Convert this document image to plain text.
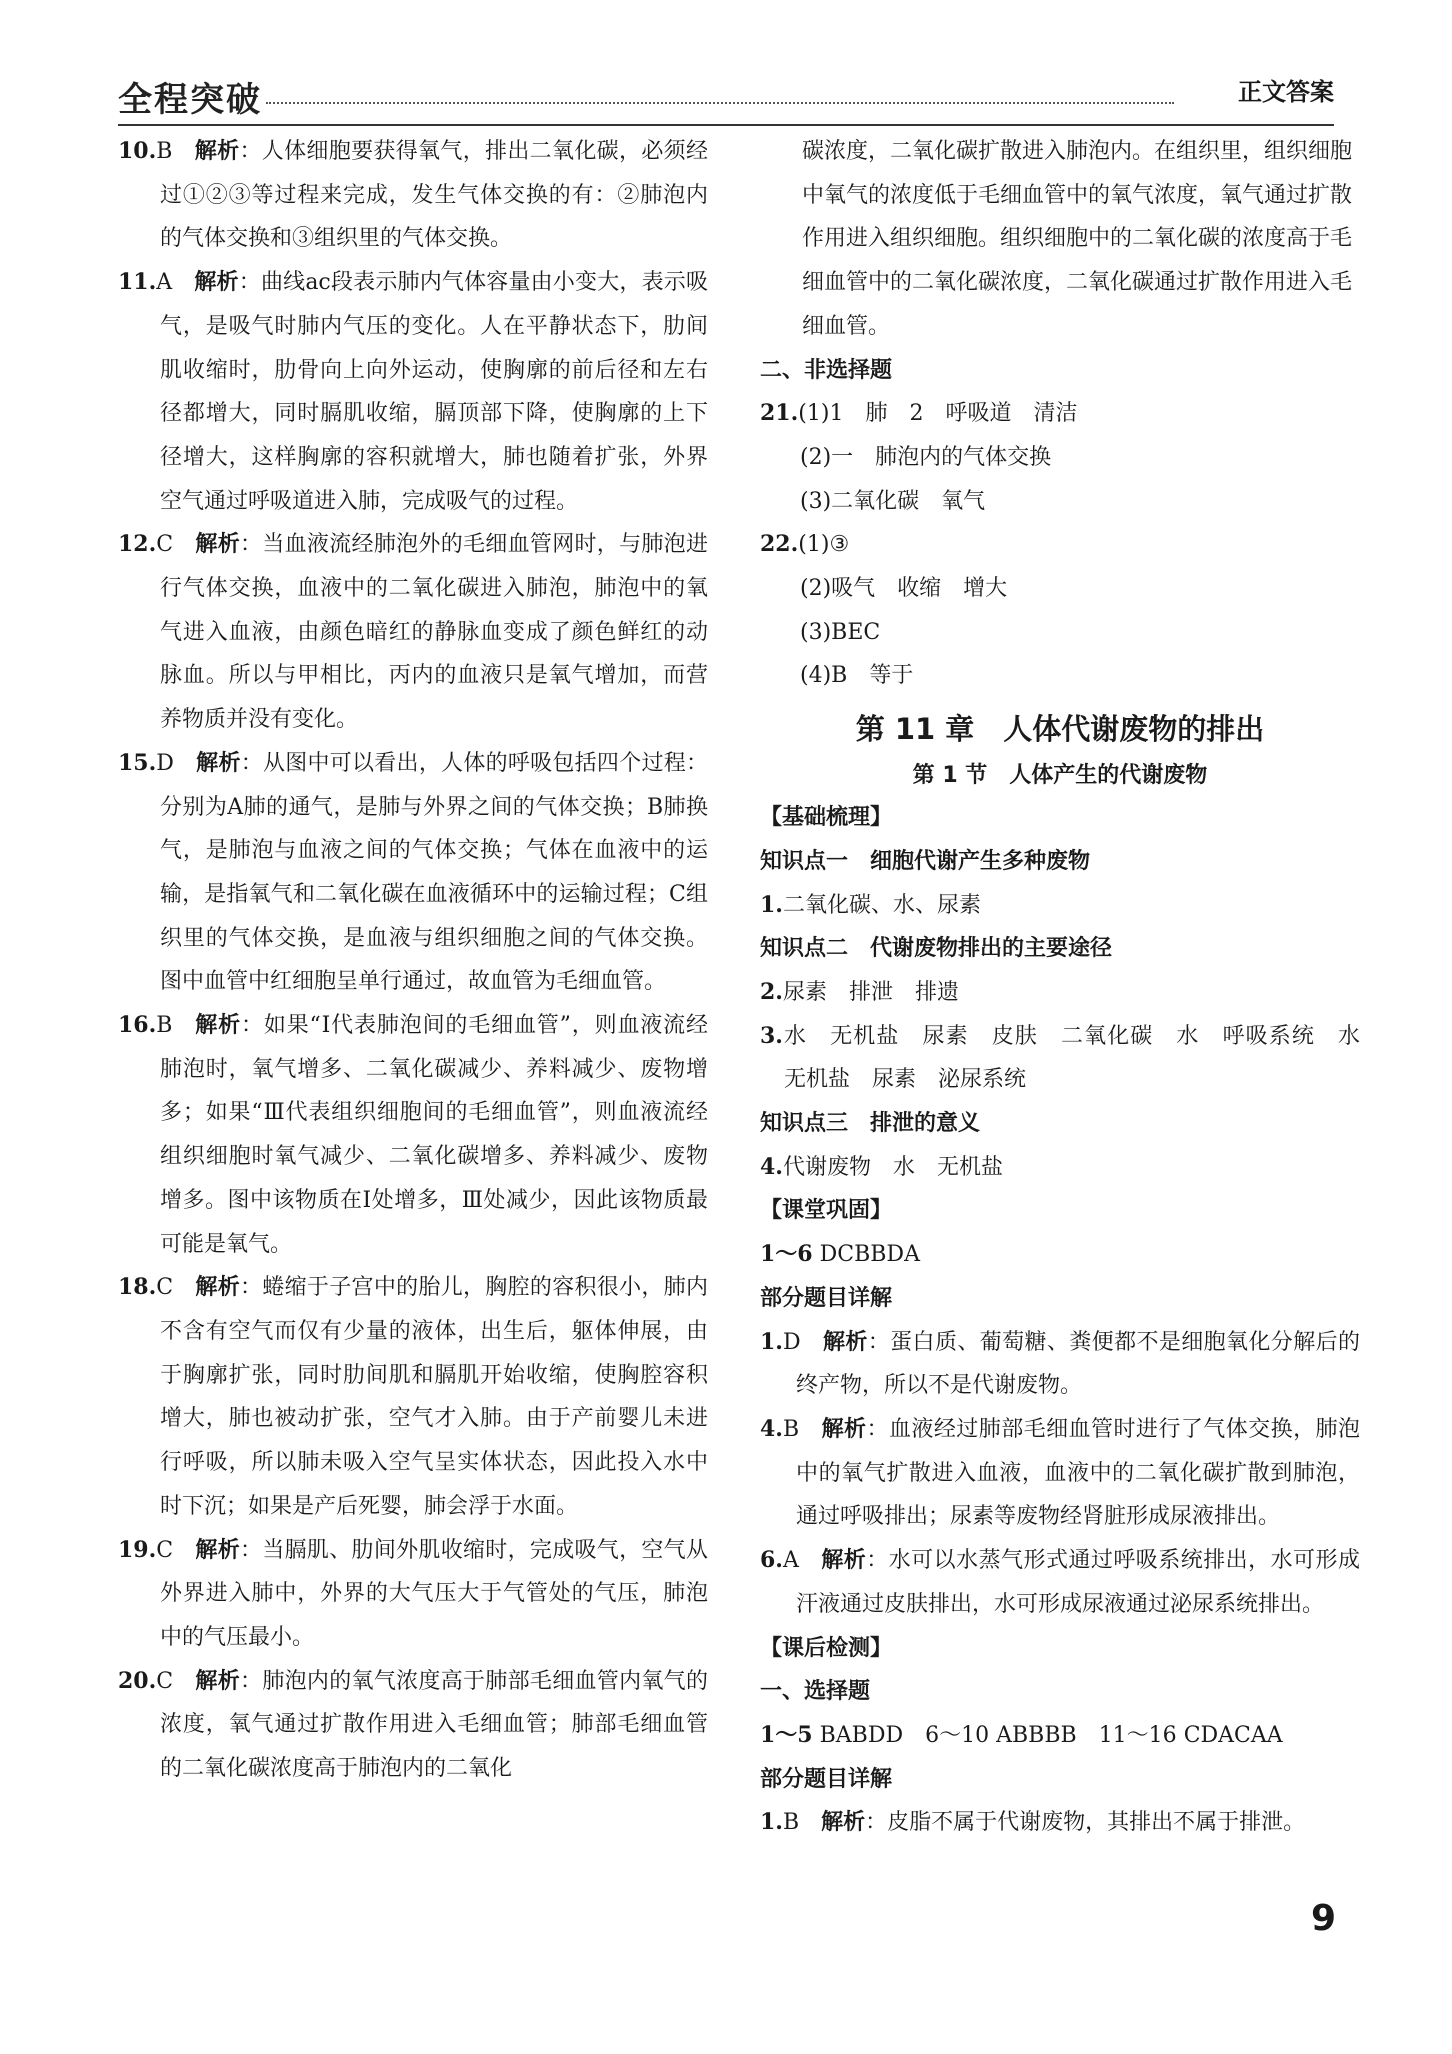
全程突破	正文答案

10.B 解析：人体细胞要获得氧气，排出二氧化碳，必须经过①②③等过程来完成，发生气体交换的有：②肺泡内的气体交换和③组织里的气体交换。

11.A 解析：曲线ac段表示肺内气体容量由小变大，表示吸气，是吸气时肺内气压的变化。人在平静状态下，肋间肌收缩时，肋骨向上向外运动，使胸廓的前后径和左右径都增大，同时膈肌收缩，膈顶部下降，使胸廓的上下径增大，这样胸廓的容积就增大，肺也随着扩张，外界空气通过呼吸道进入肺，完成吸气的过程。

12.C 解析：当血液流经肺泡外的毛细血管网时，与肺泡进行气体交换，血液中的二氧化碳进入肺泡，肺泡中的氧气进入血液，由颜色暗红的静脉血变成了颜色鲜红的动脉血。所以与甲相比，丙内的血液只是氧气增加，而营养物质并没有变化。

15.D 解析：从图中可以看出，人体的呼吸包括四个过程：分别为A肺的通气，是肺与外界之间的气体交换；B肺换气，是肺泡与血液之间的气体交换；气体在血液中的运输，是指氧气和二氧化碳在血液循环中的运输过程；C组织里的气体交换，是血液与组织细胞之间的气体交换。图中血管中红细胞呈单行通过，故血管为毛细血管。

16.B 解析：如果“Ⅰ代表肺泡间的毛细血管”，则血液流经肺泡时，氧气增多、二氧化碳减少、养料减少、废物增多；如果“Ⅲ代表组织细胞间的毛细血管”，则血液流经组织细胞时氧气减少、二氧化碳增多、养料减少、废物增多。图中该物质在Ⅰ处增多，Ⅲ处减少，因此该物质最可能是氧气。

18.C 解析：蜷缩于子宫中的胎儿，胸腔的容积很小，肺内不含有空气而仅有少量的液体，出生后，躯体伸展，由于胸廓扩张，同时肋间肌和膈肌开始收缩，使胸腔容积增大，肺也被动扩张，空气才入肺。由于产前婴儿未进行呼吸，所以肺未吸入空气呈实体状态，因此投入水中时下沉；如果是产后死婴，肺会浮于水面。

19.C 解析：当膈肌、肋间外肌收缩时，完成吸气，空气从外界进入肺中，外界的大气压大于气管处的气压，肺泡中的气压最小。

20.C 解析：肺泡内的氧气浓度高于肺部毛细血管内氧气的浓度，氧气通过扩散作用进入毛细血管；肺部毛细血管的二氧化碳浓度高于肺泡内的二氧化

碳浓度，二氧化碳扩散进入肺泡内。在组织里，组织细胞中氧气的浓度低于毛细血管中的氧气浓度，氧气通过扩散作用进入组织细胞。组织细胞中的二氧化碳的浓度高于毛细血管中的二氧化碳浓度，二氧化碳通过扩散作用进入毛细血管。

二、非选择题

21.(1)1　肺　2　呼吸道　清洁

(2)一　肺泡内的气体交换

(3)二氧化碳　氧气

22.(1)③

(2)吸气　收缩　增大

(3)BEC

(4)B　等于

第 11 章　人体代谢废物的排出

第 1 节　人体产生的代谢废物

【基础梳理】

知识点一　细胞代谢产生多种废物

1.二氧化碳、水、尿素

知识点二　代谢废物排出的主要途径

2.尿素　排泄　排遗

3.水　无机盐　尿素　皮肤　二氧化碳　水　呼吸系统　水　无机盐　尿素　泌尿系统

知识点三　排泄的意义

4.代谢废物　水　无机盐

【课堂巩固】

1～6 DCBBDA

部分题目详解

1.D 解析：蛋白质、葡萄糖、粪便都不是细胞氧化分解后的终产物，所以不是代谢废物。

4.B 解析：血液经过肺部毛细血管时进行了气体交换，肺泡中的氧气扩散进入血液，血液中的二氧化碳扩散到肺泡，通过呼吸排出；尿素等废物经肾脏形成尿液排出。

6.A 解析：水可以水蒸气形式通过呼吸系统排出，水可形成汗液通过皮肤排出，水可形成尿液通过泌尿系统排出。

【课后检测】

一、选择题

1～5 BABDD 6～10 ABBBB 11～16 CDACAA

部分题目详解

1.B 解析：皮脂不属于代谢废物，其排出不属于排泄。

9
